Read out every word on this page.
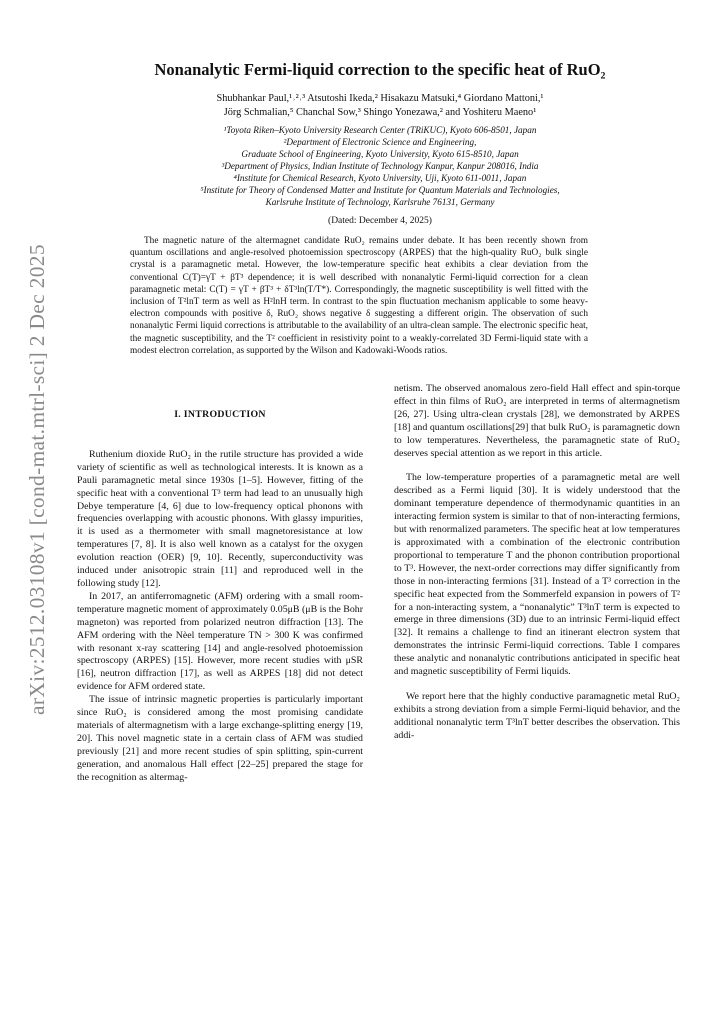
arXiv:2512.03108v1 [cond-mat.mtrl-sci] 2 Dec 2025
Nonanalytic Fermi-liquid correction to the specific heat of RuO₂
Shubhankar Paul,¹˒²˒³ Atsutoshi Ikeda,² Hisakazu Matsuki,⁴ Giordano Mattoni,¹
Jörg Schmalian,⁵ Chanchal Sow,³ Shingo Yonezawa,² and Yoshiteru Maeno¹
¹Toyota Riken–Kyoto University Research Center (TRiKUC), Kyoto 606-8501, Japan
²Department of Electronic Science and Engineering,
Graduate School of Engineering, Kyoto University, Kyoto 615-8510, Japan
³Department of Physics, Indian Institute of Technology Kanpur, Kanpur 208016, India
⁴Institute for Chemical Research, Kyoto University, Uji, Kyoto 611-0011, Japan
⁵Institute for Theory of Condensed Matter and Institute for Quantum Materials and Technologies,
Karlsruhe Institute of Technology, Karlsruhe 76131, Germany
(Dated: December 4, 2025)

The magnetic nature of the altermagnet candidate RuO₂ remains under debate. It has been recently shown from quantum oscillations and angle-resolved photoemission spectroscopy (ARPES) that the high-quality RuO₂ bulk single crystal is a paramagnetic metal. However, the low-temperature specific heat exhibits a clear deviation from the conventional C(T)=γT + βT³ dependence; it is well described with nonanalytic Fermi-liquid correction for a clean paramagnetic metal: C(T) = γT + βT³ + δT³ln(T/T*). Correspondingly, the magnetic susceptibility is well fitted with the inclusion of T²lnT term as well as H²lnH term. In contrast to the spin fluctuation mechanism applicable to some heavy-electron compounds with positive δ, RuO₂ shows negative δ suggesting a different origin. The observation of such nonanalytic Fermi liquid corrections is attributable to the availability of an ultra-clean sample. The electronic specific heat, the magnetic susceptibility, and the T² coefficient in resistivity point to a weakly-correlated 3D Fermi-liquid state with a modest electron correlation, as supported by the Wilson and Kadowaki-Woods ratios.

I. INTRODUCTION

Ruthenium dioxide RuO₂ in the rutile structure has provided a wide variety of scientific as well as technological interests. It is known as a Pauli paramagnetic metal since 1930s [1–5]. However, fitting of the specific heat with a conventional T³ term had lead to an unusually high Debye temperature [4, 6] due to low-frequency optical phonons with frequencies overlapping with acoustic phonons. With glassy impurities, it is used as a thermometer with small magnetoresistance at low temperatures [7, 8]. It is also well known as a catalyst for the oxygen evolution reaction (OER) [9, 10]. Recently, superconductivity was induced under anisotropic strain [11] and reproduced well in the following study [12].

In 2017, an antiferromagnetic (AFM) ordering with a small room-temperature magnetic moment of approximately 0.05μB (μB is the Bohr magneton) was reported from polarized neutron diffraction [13]. The AFM ordering with the Nèel temperature TN > 300 K was confirmed with resonant x-ray scattering [14] and angle-resolved photoemission spectroscopy (ARPES) [15]. However, more recent studies with μSR [16], neutron diffraction [17], as well as ARPES [18] did not detect evidence for AFM ordered state.

The issue of intrinsic magnetic properties is particularly important since RuO₂ is considered among the most promising candidate materials of altermagnetism with a large exchange-splitting energy [19, 20]. This novel magnetic state in a certain class of AFM was studied previously [21] and more recent studies of spin splitting, spin-current generation, and anomalous Hall effect [22–25] prepared the stage for the recognition as altermag-

netism. The observed anomalous zero-field Hall effect and spin-torque effect in thin films of RuO₂ are interpreted in terms of altermagnetism [26, 27]. Using ultra-clean crystals [28], we demonstrated by ARPES [18] and quantum oscillations[29] that bulk RuO₂ is paramagnetic down to low temperatures. Nevertheless, the paramagnetic state of RuO₂ deserves special attention as we report in this article.

The low-temperature properties of a paramagnetic metal are well described as a Fermi liquid [30]. It is widely understood that the dominant temperature dependence of thermodynamic quantities in an interacting fermion system is similar to that of non-interacting fermions, but with renormalized parameters. The specific heat at low temperatures is approximated with a combination of the electronic contribution proportional to temperature T and the phonon contribution proportional to T³. However, the next-order corrections may differ significantly from those in non-interacting fermions [31]. Instead of a T³ correction in the specific heat expected from the Sommerfeld expansion in powers of T² for a non-interacting system, a “nonanalytic” T³lnT term is expected to emerge in three dimensions (3D) due to an intrinsic Fermi-liquid effect [32]. It remains a challenge to find an itinerant electron system that demonstrates the intrinsic Fermi-liquid corrections. Table I compares these analytic and nonanalytic contributions anticipated in specific heat and magnetic susceptibility of Fermi liquids.

We report here that the highly conductive paramagnetic metal RuO₂ exhibits a strong deviation from a simple Fermi-liquid behavior, and the additional nonanalytic term T³lnT better describes the observation. This addi-
